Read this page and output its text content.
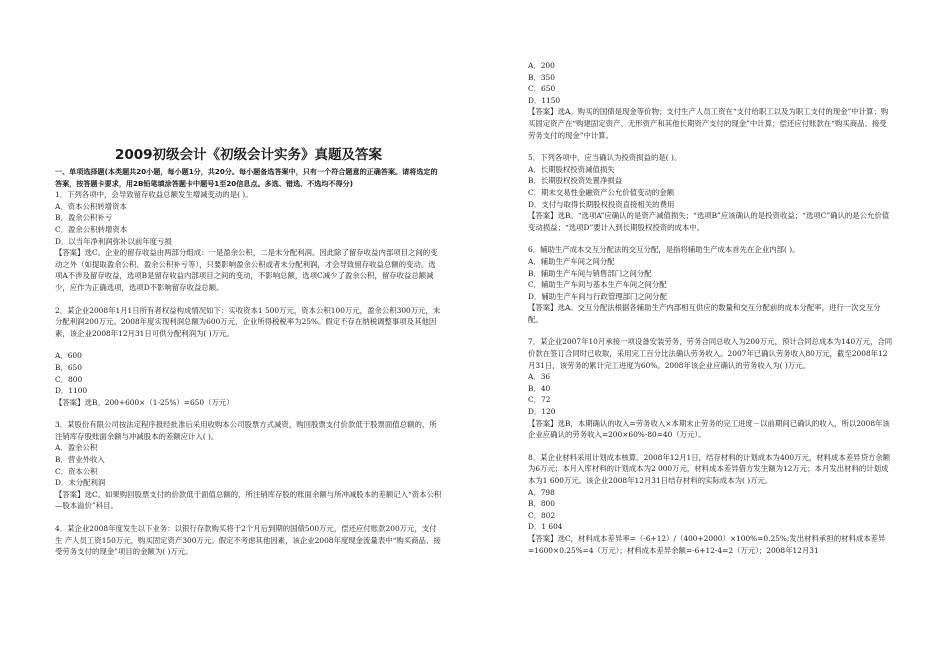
2009初级会计《初级会计实务》真题及答案
一、单项选择题(本类题共20小题，每小题1分，共20分。每小题备选答案中，只有一个符合题意的正确答案。请将选定的答案，按答题卡要求，用2B铅笔填涂答题卡中题号1至20信息点。多选、错选、不选均不得分)
1．下列各项中，会导致留存收益总额发生增减变动的是( )。
A．资本公积转增资本
B．盈余公积补亏
C．盈余公积转增资本
D．以当年净利润弥补以前年度亏损
【答案】选C。企业的留存收益由两部分组成：一是盈余公积，二是未分配利润。因此除了留存收益内部项目之间的变动之外（如提取盈余公积、盈余公积补亏等），只要影响盈余公积或者未分配利润，才会导致留存收益总额的变动。选项A不涉及留存收益，选项B是留存收益内部项目之间的变动，不影响总额，选项C减少了盈余公积，留存收益总额减少，应作为正确选项，选项D不影响留存收益总额。
2．某企业2008年1月1日所有者权益构成情况如下：实收资本1 500万元，资本公积100万元，盈余公积300万元，未分配利润200万元。2008年度实现利润总额为600万元，企业所得税税率为25%。假定不存在纳税调整事项及其他因素，该企业2008年12月31日可供分配利润为( )万元。
A．600
B．650
C．800
D．1100
【答案】选B。200+600×（1-25%）=650（万元）
3．某股份有限公司按法定程序报经批准后采用收购本公司股票方式减资，购回股票支付价款低于股票面值总额的，所注销库存股账面余额与冲减股本的差额应计入( )。
A．盈余公积
B．营业外收入
C．资本公积
D．未分配利润
【答案】选C。如果购回股票支付的价款低于面值总额的，所注销库存股的账面余额与所冲减股本的差额记入“资本公积—股本溢价”科目。
4．某企业2008年度发生以下业务：以银行存款购买将于2个月后到期的国债500万元，偿还应付账款200万元，支付生 产人员工资150万元，购买固定资产300万元。假定不考虑其他因素，该企业2008年度现金流量表中“购买商品、接受劳务支付的现金”项目的金额为( )万元。
A．200
B．350
C．650
D．1150
【答案】选A。购买的国债是现金等价物；支付生产人员工资在“支付给职工以及为职工支付的现金”中计算；购买固定资产在“购建固定资产、无形资产和其他长期资产支付的现金”中计算；偿还应付账款在“购买商品、接受劳务支付的现金”中计算。
5．下列各项中，应当确认为投资损益的是( )。
A．长期股权投资减值损失
B．长期股权投资处置净损益
C．期末交易性金融资产公允价值变动的金额
D．支付与取得长期股权投资直接相关的费用
【答案】选B。“选项A”应确认的是资产减值损失；“选项B”应该确认的是投资收益；“选项C”确认的是公允价值变动损益；“选项D”要计入到长期股权投资的成本中。
6．辅助生产成本交互分配法的交互分配，是指将辅助生产成本首先在企业内部( )。
A．辅助生产车间之间分配
B．辅助生产车间与销售部门之间分配
C．辅助生产车间与基本生产车间之间分配
D．辅助生产车间与行政管理部门之间分配
【答案】选A。交互分配法根据各辅助生产内部相互供应的数量和交互分配前的成本分配率，进行一次交互分配。
7．某企业2007年10月承接一项设备安装劳务，劳务合同总收入为200万元，预计合同总成本为140万元，合同价款在签订合同时已收取，采用完工百分比法确认劳务收入。2007年已确认劳务收入80万元，截至2008年12月31日，该劳务的累计完工进度为60%。2008年该企业应确认的劳务收入为( )万元。
A．36
B．40
C．72
D．120
【答案】选B，本期确认的收入=劳务收入×本期末止劳务的完工进度－以前期间已确认的收入，所以2008年该企业应确认的劳务收入=200×60%-80=40（万元）。
8．某企业材料采用计划成本核算。2008年12月1日，结存材料的计划成本为400万元，材料成本差异贷方余额为6万元；本月入库材料的计划成本为2 000万元，材料成本差异借方发生额为12万元；本月发出材料的计划成本为1 600万元。该企业2008年12月31日结存材料的实际成本为( )万元。
A．798
B．800
C．802
D．1 604
【答案】选C，材料成本差异率=（-6+12）/（400+2000）×100%=0.25%;发出材料承担的材料成本差异=1600×0.25%=4（万元）；材料成本差异余额=-6+12-4=2（万元）；2008年12月31
